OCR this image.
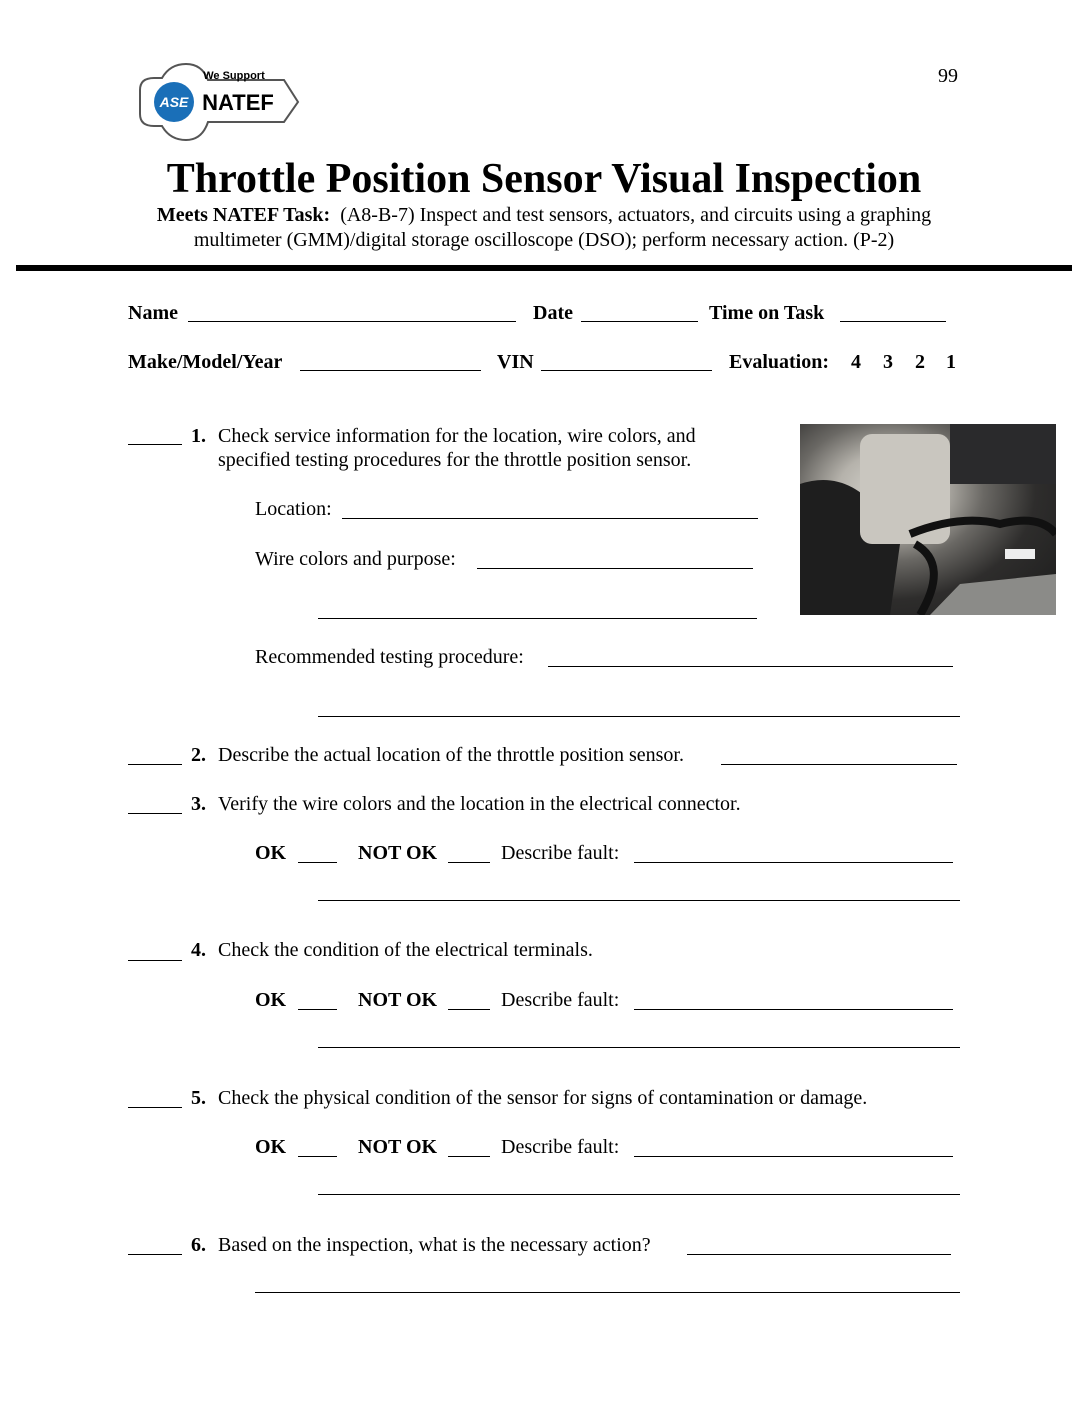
99
ASE
We Support
NATEF
Throttle Position Sensor Visual Inspection
Meets NATEF Task: (A8-B-7) Inspect and test sensors, actuators, and circuits using a graphing
multimeter (GMM)/digital storage oscilloscope (DSO); perform necessary action. (P-2)
Name	Date	Time on Task
Make/Model/Year	VIN	Evaluation: 4 3 2 1
1. Check service information for the location, wire colors, and
specified testing procedures for the throttle position sensor.
Location:
Wire colors and purpose:
Recommended testing procedure:
2. Describe the actual location of the throttle position sensor.
3. Verify the wire colors and the location in the electrical connector.
OK	NOT OK	Describe fault:
4. Check the condition of the electrical terminals.
OK	NOT OK	Describe fault:
5. Check the physical condition of the sensor for signs of contamination or damage.
OK	NOT OK	Describe fault:
6. Based on the inspection, what is the necessary action?
